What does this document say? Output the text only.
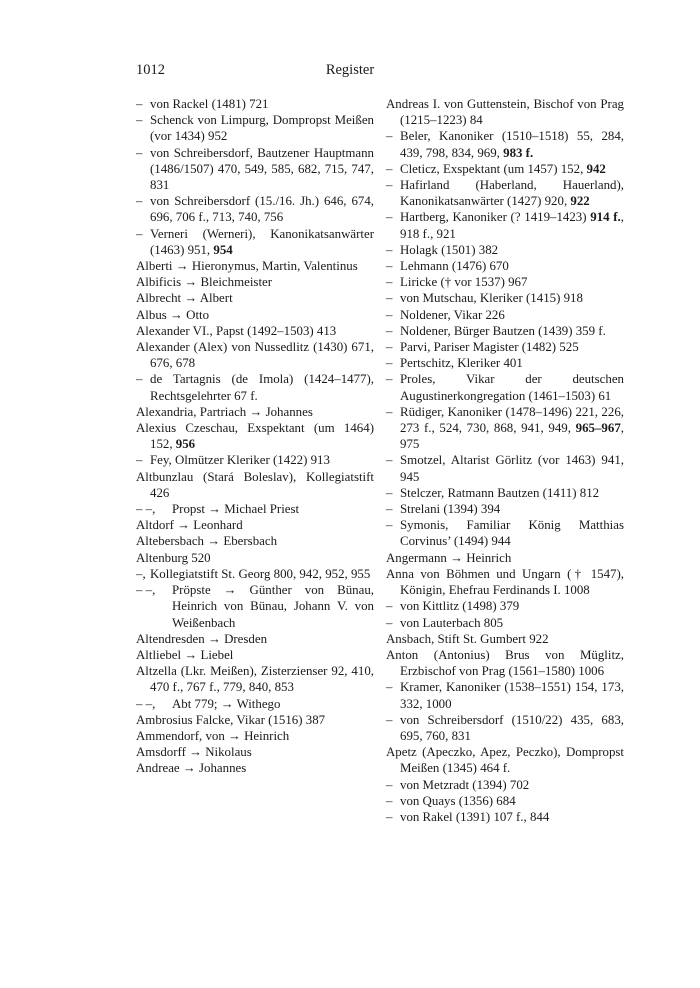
1012	Register
– von Rackel (1481) 721
– Schenck von Limpurg, Dompropst Meißen (vor 1434) 952
– von Schreibersdorf, Bautzener Hauptmann (1486/1507) 470, 549, 585, 682, 715, 747, 831
– von Schreibersdorf (15./16. Jh.) 646, 674, 696, 706 f., 713, 740, 756
– Verneri (Werneri), Kanonikatsanwärter (1463) 951, 954
Alberti → Hieronymus, Martin, Valentinus
Albificis → Bleichmeister
Albrecht → Albert
Albus → Otto
Alexander VI., Papst (1492–1503) 413
Alexander (Alex) von Nussedlitz (1430) 671, 676, 678
– de Tartagnis (de Imola) (1424–1477), Rechtsgelehrter 67 f.
Alexandria, Partriach → Johannes
Alexius Czeschau, Exspektant (um 1464) 152, 956
– Fey, Olmützer Kleriker (1422) 913
Altbunzlau (Stará Boleslav), Kollegiatstift 426
– –, Propst → Michael Priest
Altdorf → Leonhard
Altebersbach → Ebersbach
Altenburg 520
–, Kollegiatstift St. Georg 800, 942, 952, 955
– –, Pröpste → Günther von Bünau, Heinrich von Bünau, Johann V. von Weißenbach
Altendresden → Dresden
Altliebel → Liebel
Altzella (Lkr. Meißen), Zisterzienser 92, 410, 470 f., 767 f., 779, 840, 853
– –, Abt 779; → Withego
Ambrosius Falcke, Vikar (1516) 387
Ammendorf, von → Heinrich
Amsdorff → Nikolaus
Andreae → Johannes
Andreas I. von Guttenstein, Bischof von Prag (1215–1223) 84
– Beler, Kanoniker (1510–1518) 55, 284, 439, 798, 834, 969, 983 f.
– Cleticz, Exspektant (um 1457) 152, 942
– Hafirland (Haberland, Hauerland), Kanonikatsanwärter (1427) 920, 922
– Hartberg, Kanoniker (? 1419–1423) 914 f., 918 f., 921
– Holagk (1501) 382
– Lehmann (1476) 670
– Liricke († vor 1537) 967
– von Mutschau, Kleriker (1415) 918
– Noldener, Vikar 226
– Noldener, Bürger Bautzen (1439) 359 f.
– Parvi, Pariser Magister (1482) 525
– Pertschitz, Kleriker 401
– Proles, Vikar der deutschen Augustinerkongregation (1461–1503) 61
– Rüdiger, Kanoniker (1478–1496) 221, 226, 273 f., 524, 730, 868, 941, 949, 965–967, 975
– Smotzel, Altarist Görlitz (vor 1463) 941, 945
– Stelczer, Ratmann Bautzen (1411) 812
– Strelani (1394) 394
– Symonis, Familiar König Matthias Corvinus’ (1494) 944
Angermann → Heinrich
Anna von Böhmen und Ungarn († 1547), Königin, Ehefrau Ferdinands I. 1008
– von Kittlitz (1498) 379
– von Lauterbach 805
Ansbach, Stift St. Gumbert 922
Anton (Antonius) Brus von Müglitz, Erzbischof von Prag (1561–1580) 1006
– Kramer, Kanoniker (1538–1551) 154, 173, 332, 1000
– von Schreibersdorf (1510/22) 435, 683, 695, 760, 831
Apetz (Apeczko, Apez, Peczko), Dompropst Meißen (1345) 464 f.
– von Metzradt (1394) 702
– von Quays (1356) 684
– von Rakel (1391) 107 f., 844
